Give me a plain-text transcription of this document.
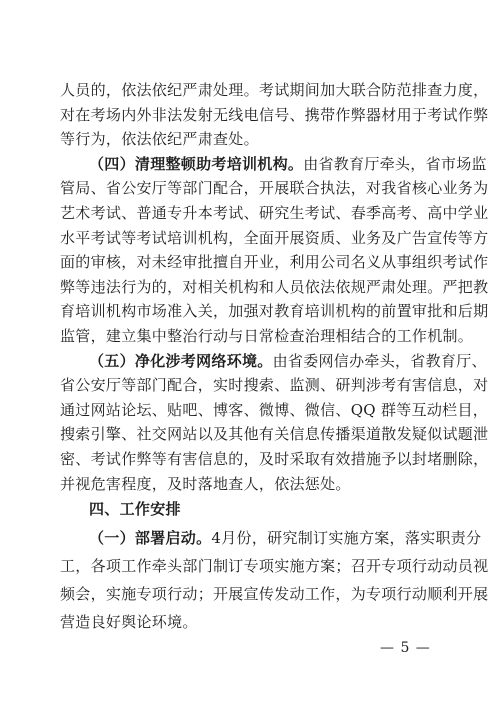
人员的，依法依纪严肃处理。考试期间加大联合防范排查力度，
对在考场内外非法发射无线电信号、携带作弊器材用于考试作弊
等行为，依法依纪严肃查处。
（四）清理整顿助考培训机构。由省教育厅牵头，省市场监
管局、省公安厅等部门配合，开展联合执法，对我省核心业务为
艺术考试、普通专升本考试、研究生考试、春季高考、高中学业
水平考试等考试培训机构，全面开展资质、业务及广告宣传等方
面的审核，对未经审批擅自开业，利用公司名义从事组织考试作
弊等违法行为的，对相关机构和人员依法依规严肃处理。严把教
育培训机构市场准入关，加强对教育培训机构的前置审批和后期
监管，建立集中整治行动与日常检查治理相结合的工作机制。
（五）净化涉考网络环境。由省委网信办牵头，省教育厅、
省公安厅等部门配合，实时搜索、监测、研判涉考有害信息，对
通过网站论坛、贴吧、博客、微博、微信、QQ 群等互动栏目，
搜索引擎、社交网站以及其他有关信息传播渠道散发疑似试题泄
密、考试作弊等有害信息的，及时采取有效措施予以封堵删除，
并视危害程度，及时落地查人，依法惩处。
四、工作安排
（一）部署启动。4月份，研究制订实施方案，落实职责分
工，各项工作牵头部门制订专项实施方案；召开专项行动动员视
频会，实施专项行动；开展宣传发动工作，为专项行动顺利开展
营造良好舆论环境。
— 5 —
